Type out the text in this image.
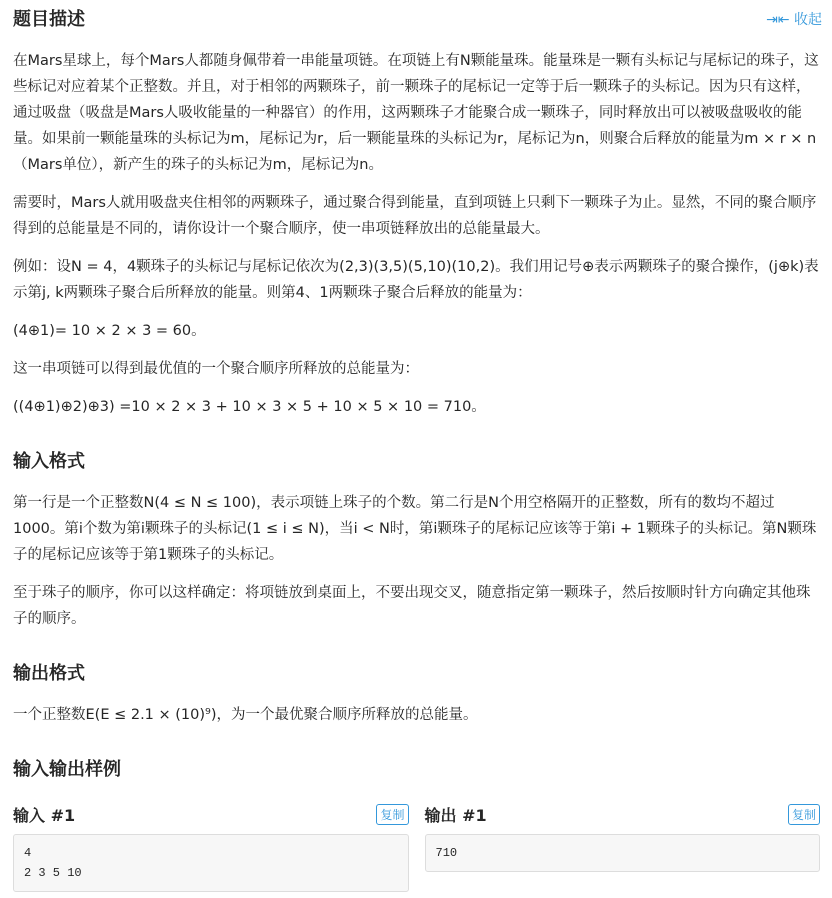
题目描述	⇥⇤ 收起

在Mars星球上，每个Mars人都随身佩带着一串能量项链。在项链上有N颗能量珠。能量珠是一颗有头标记与尾标记的珠子，这些标记对应着某个正整数。并且，对于相邻的两颗珠子，前一颗珠子的尾标记一定等于后一颗珠子的头标记。因为只有这样，通过吸盘（吸盘是Mars人吸收能量的一种器官）的作用，这两颗珠子才能聚合成一颗珠子，同时释放出可以被吸盘吸收的能量。如果前一颗能量珠的头标记为m，尾标记为r，后一颗能量珠的头标记为r，尾标记为n，则聚合后释放的能量为m × r × n（Mars单位），新产生的珠子的头标记为m，尾标记为n。

需要时，Mars人就用吸盘夹住相邻的两颗珠子，通过聚合得到能量，直到项链上只剩下一颗珠子为止。显然，不同的聚合顺序得到的总能量是不同的，请你设计一个聚合顺序，使一串项链释放出的总能量最大。

例如：设N = 4，4颗珠子的头标记与尾标记依次为(2,3)(3,5)(5,10)(10,2)。我们用记号⊕表示两颗珠子的聚合操作，(j⊕k)表示第j, k两颗珠子聚合后所释放的能量。则第4、1两颗珠子聚合后释放的能量为：

(4⊕1)= 10 × 2 × 3 = 60。

这一串项链可以得到最优值的一个聚合顺序所释放的总能量为：

((4⊕1)⊕2)⊕3) =10 × 2 × 3 + 10 × 3 × 5 + 10 × 5 × 10 = 710。

输入格式

第一行是一个正整数N(4 ≤ N ≤ 100)，表示项链上珠子的个数。第二行是N个用空格隔开的正整数，所有的数均不超过1000。第i个数为第i颗珠子的头标记(1 ≤ i ≤ N)，当i < N时，第i颗珠子的尾标记应该等于第i + 1颗珠子的头标记。第N颗珠子的尾标记应该等于第1颗珠子的头标记。

至于珠子的顺序，你可以这样确定：将项链放到桌面上，不要出现交叉，随意指定第一颗珠子，然后按顺时针方向确定其他珠子的顺序。

输出格式

一个正整数E(E ≤ 2.1 × (10)⁹)，为一个最优聚合顺序所释放的总能量。

输入输出样例
输入 #1	复制
4
2 3 5 10
输出 #1	复制
710
